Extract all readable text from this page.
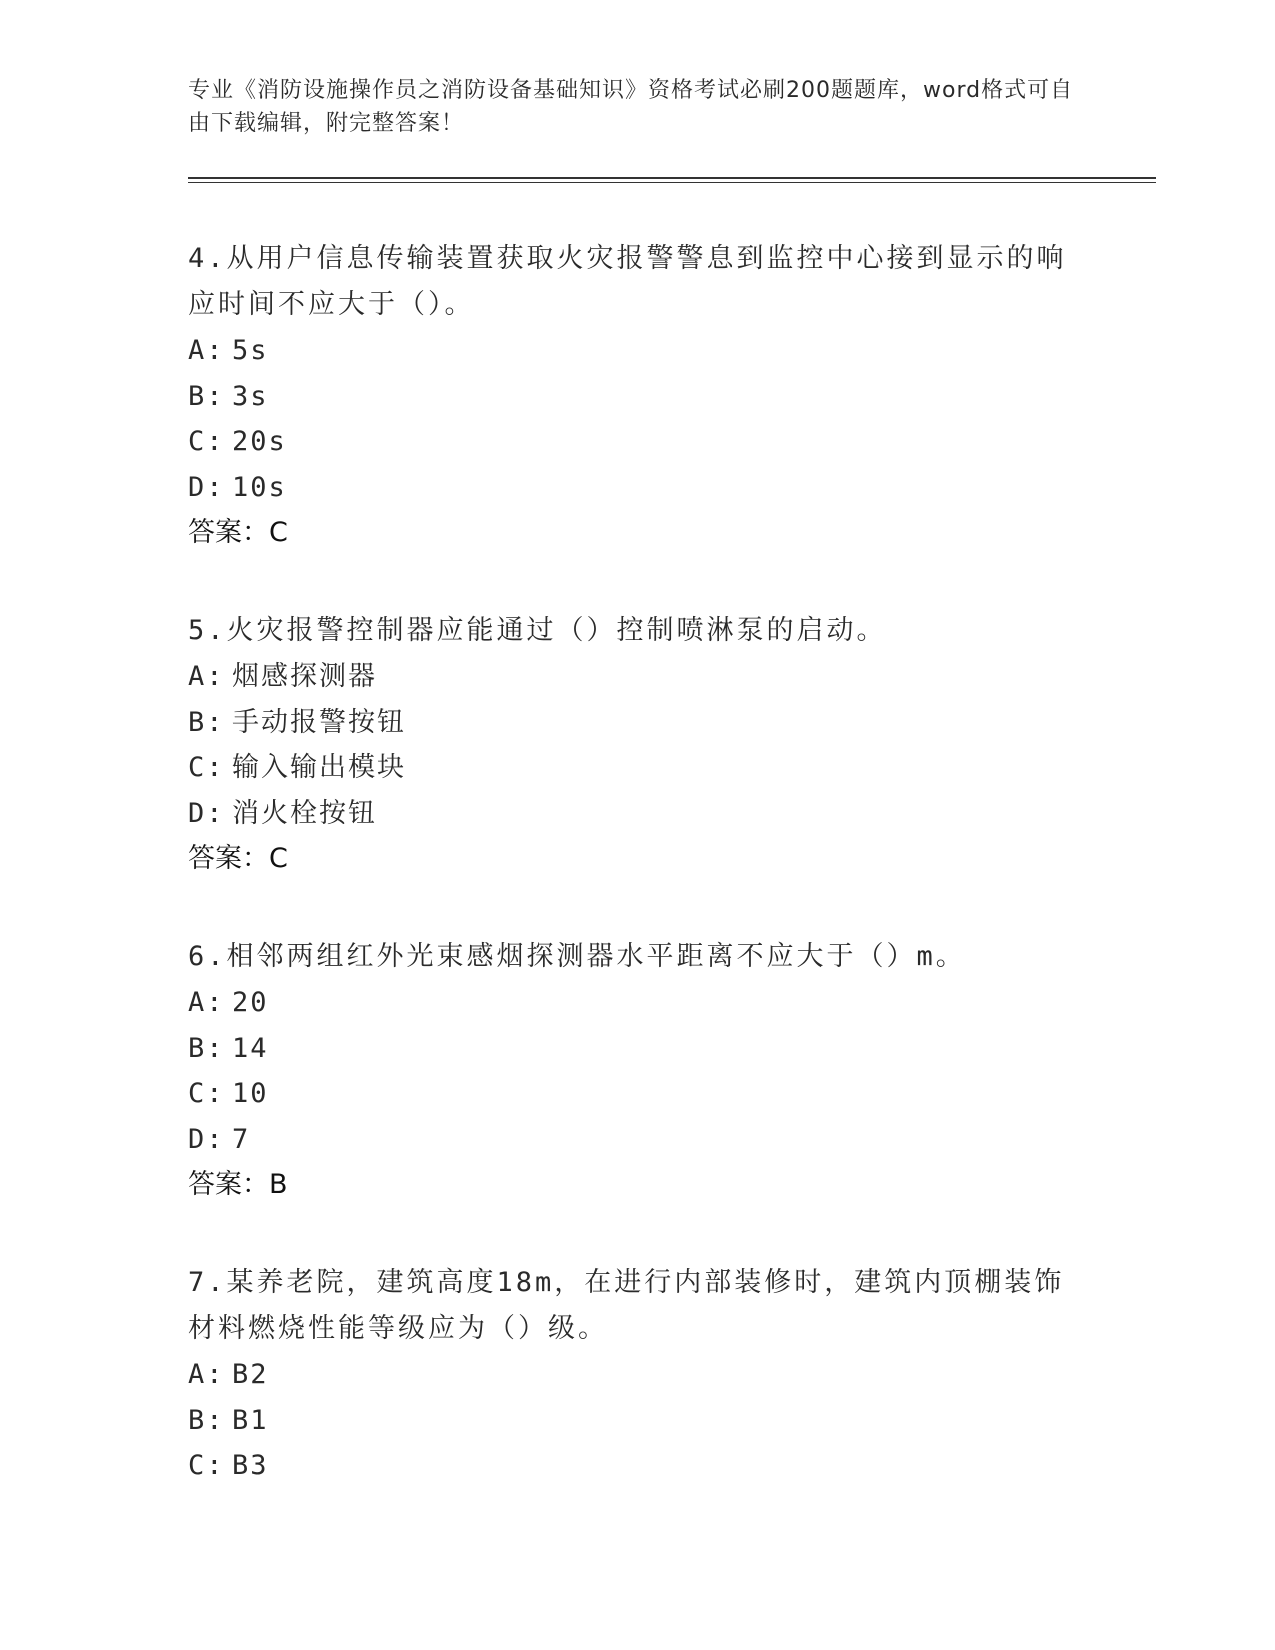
专业《消防设施操作员之消防设备基础知识》资格考试必刷200题题库，word格式可自由下载编辑，附完整答案！

4.从用户信息传输装置获取火灾报警警息到监控中心接到显示的响应时间不应大于（）。

A: 5s

B: 3s

C: 20s

D: 10s

答案：C

5.火灾报警控制器应能通过（）控制喷淋泵的启动。

A: 烟感探测器

B: 手动报警按钮

C: 输入输出模块

D: 消火栓按钮

答案：C

6.相邻两组红外光束感烟探测器水平距离不应大于（）m。

A: 20

B: 14

C: 10

D: 7

答案：B

7.某养老院，建筑高度18m，在进行内部装修时，建筑内顶棚装饰材料燃烧性能等级应为（）级。

A: B2

B: B1

C: B3
